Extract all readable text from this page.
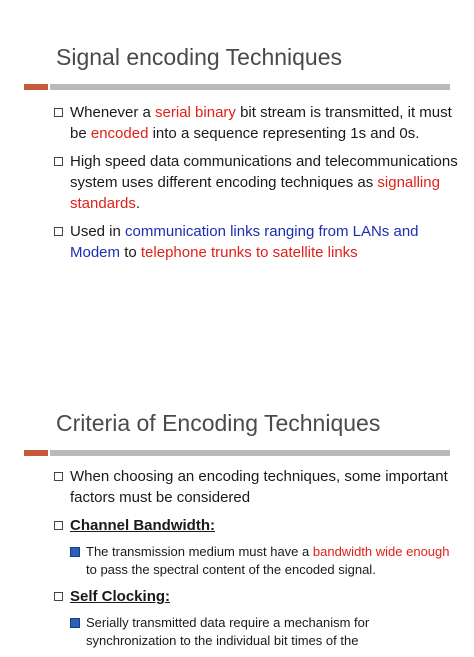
Signal encoding Techniques
Whenever a serial binary bit stream is transmitted, it must be encoded into a sequence representing 1s and 0s.
High speed data communications and telecommunications system uses different encoding techniques as signalling standards.
Used in communication links ranging from LANs and Modem to telephone trunks to satellite links
Criteria of Encoding Techniques
When choosing an encoding techniques, some important factors must be considered
Channel Bandwidth:
The transmission medium must have a bandwidth wide enough to pass the spectral content of the encoded signal.
Self Clocking:
Serially transmitted data require a mechanism for synchronization to the individual bit times of the
